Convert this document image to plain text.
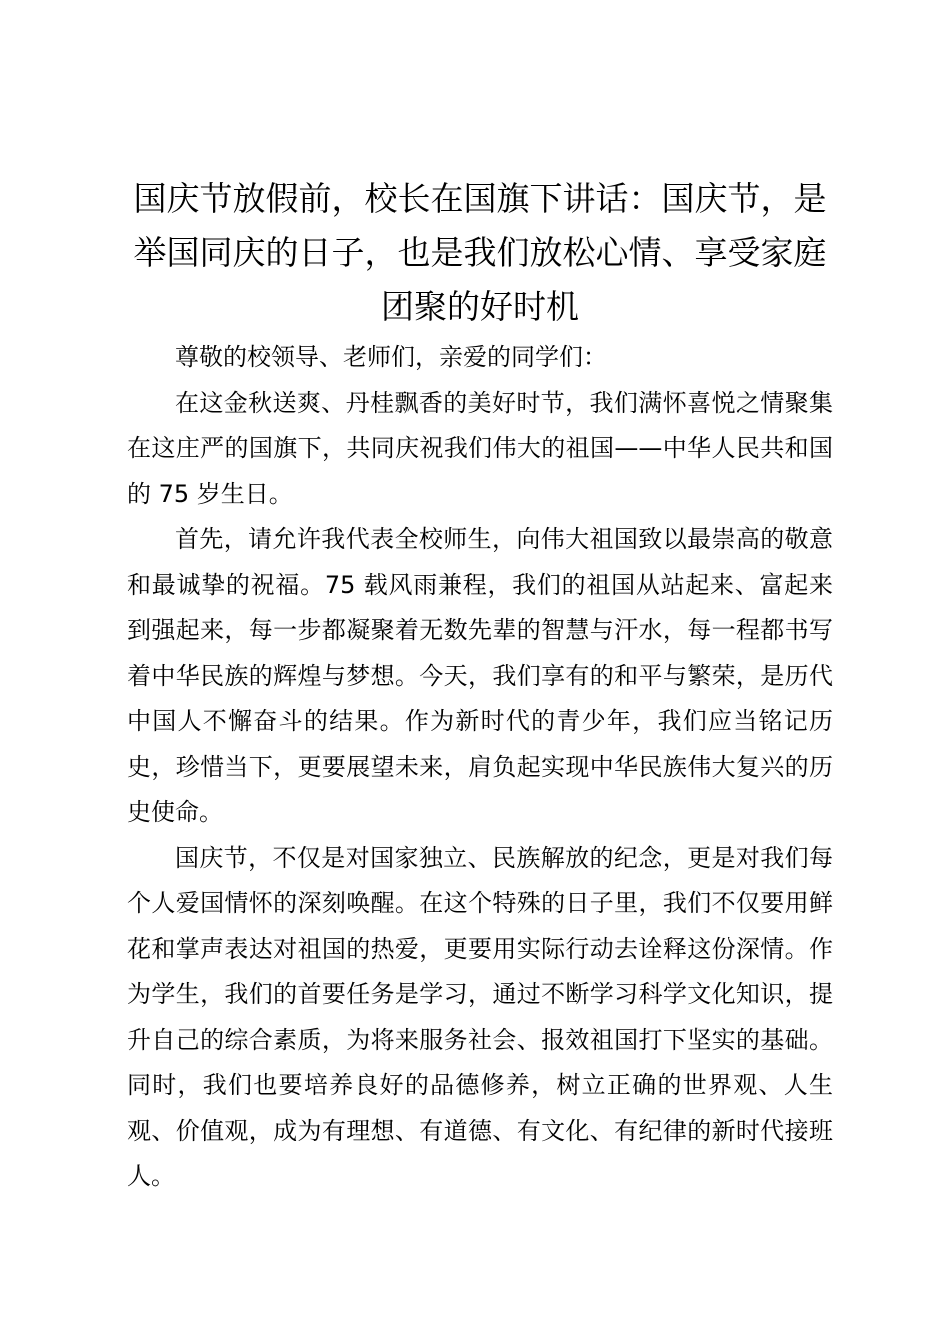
国庆节放假前，校长在国旗下讲话：国庆节，是举国同庆的日子，也是我们放松心情、享受家庭团聚的好时机

尊敬的校领导、老师们，亲爱的同学们：

在这金秋送爽、丹桂飘香的美好时节，我们满怀喜悦之情聚集在这庄严的国旗下，共同庆祝我们伟大的祖国——中华人民共和国的 75 岁生日。

首先，请允许我代表全校师生，向伟大祖国致以最崇高的敬意和最诚挚的祝福。75 载风雨兼程，我们的祖国从站起来、富起来到强起来，每一步都凝聚着无数先辈的智慧与汗水，每一程都书写着中华民族的辉煌与梦想。今天，我们享有的和平与繁荣，是历代中国人不懈奋斗的结果。作为新时代的青少年，我们应当铭记历史，珍惜当下，更要展望未来，肩负起实现中华民族伟大复兴的历史使命。

国庆节，不仅是对国家独立、民族解放的纪念，更是对我们每个人爱国情怀的深刻唤醒。在这个特殊的日子里，我们不仅要用鲜花和掌声表达对祖国的热爱，更要用实际行动去诠释这份深情。作为学生，我们的首要任务是学习，通过不断学习科学文化知识，提升自己的综合素质，为将来服务社会、报效祖国打下坚实的基础。同时，我们也要培养良好的品德修养，树立正确的世界观、人生观、价值观，成为有理想、有道德、有文化、有纪律的新时代接班人。
